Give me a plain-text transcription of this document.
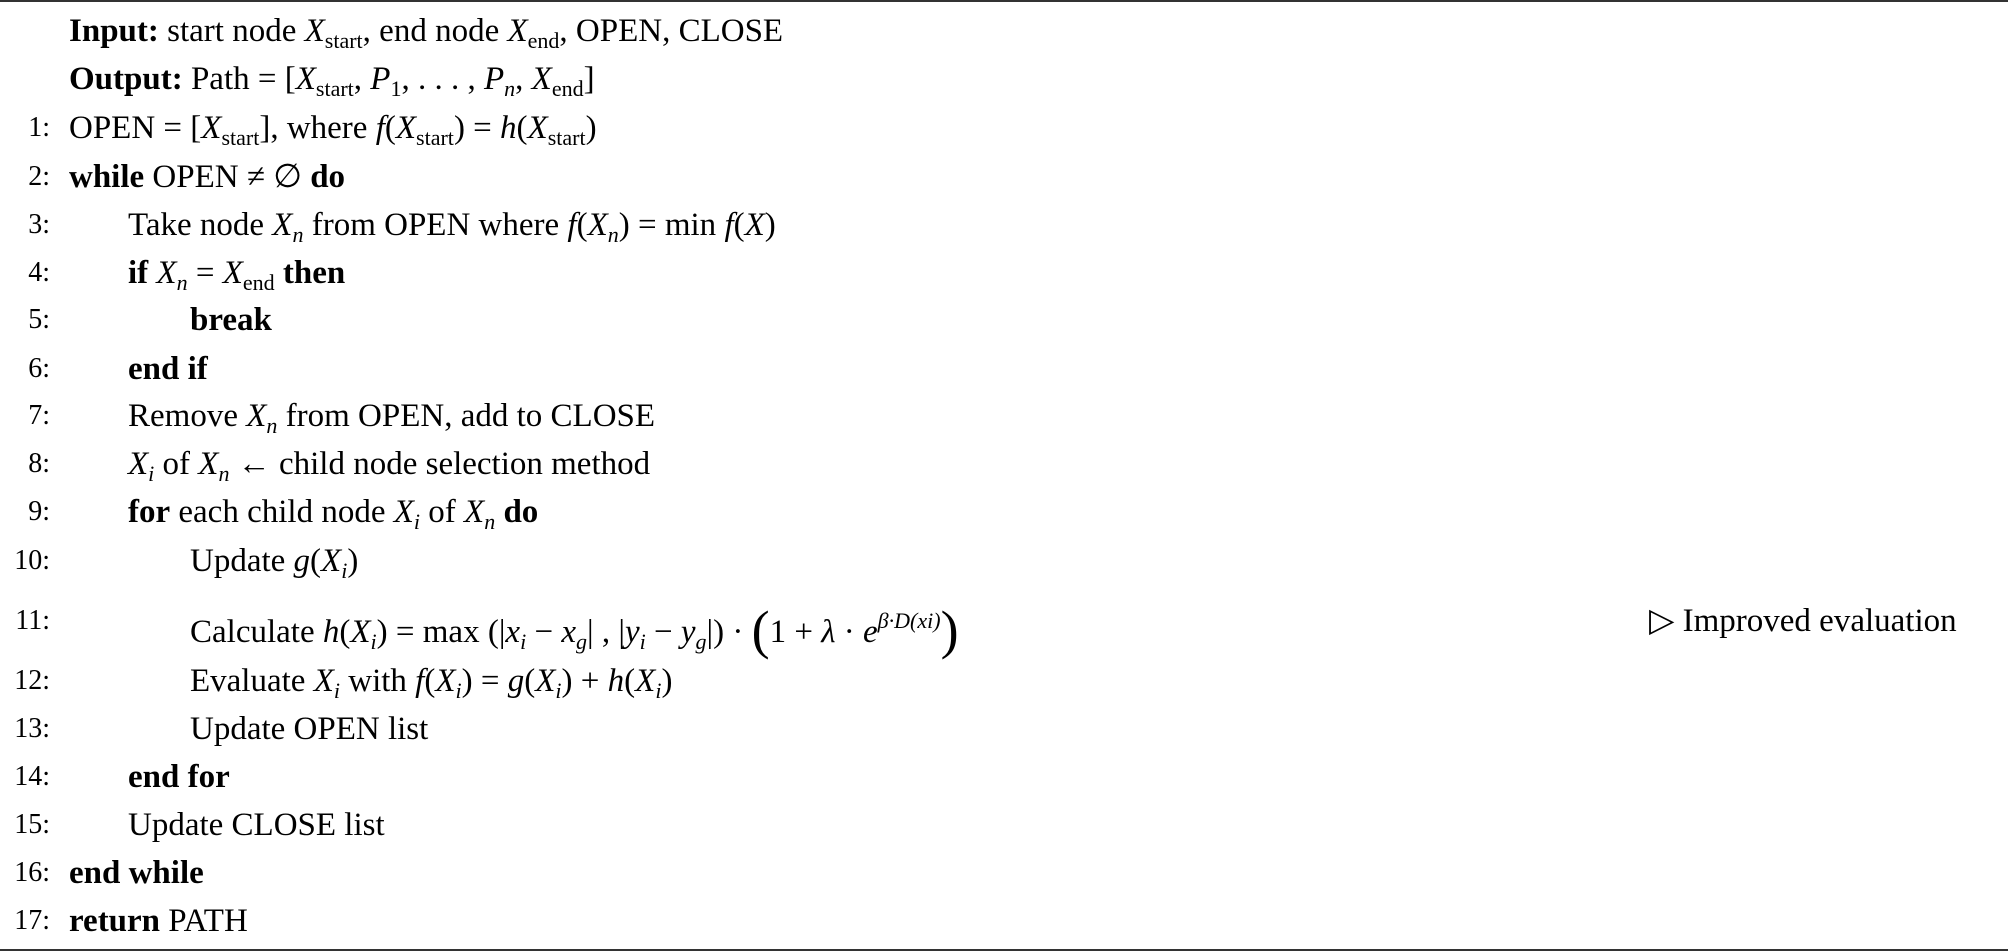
Input: start node $X_{start}$, end node $X_{end}$, OPEN, CLOSE
Output: Path = [$X_{start}$, $P_1$, . . . , $P_n$, $X_{end}$]
1: OPEN = $[X_{start}]$, where $f(X_{start}) = h(X_{start})$
2: while OPEN ≠ ∅ do
3: Take node $X_n$ from OPEN where $f(X_n) = \min f(X)$
4: if $X_n = X_{end}$ then
5:	break
6: end if
7: Remove $X_n$ from OPEN, add to CLOSE
8: $X_i$ of $X_n$ ← child node selection method
9: for each child node $X_i$ of $X_n$ do
10:	Update $g(X_i)$
11:	Calculate $h(X_i) = \max (|x_i - x_g|$ , $|y_i - y_g|) \cdot (1 + \lambda \cdot e^{\beta\cdot D(xi)})$	▷ Improved evaluation
12:	Evaluate $X_i$ with $f(X_i) = g(X_i) + h(X_i)$
13:	Update OPEN list
14: end for
15: Update CLOSE list
16: end while
17: return PATH
